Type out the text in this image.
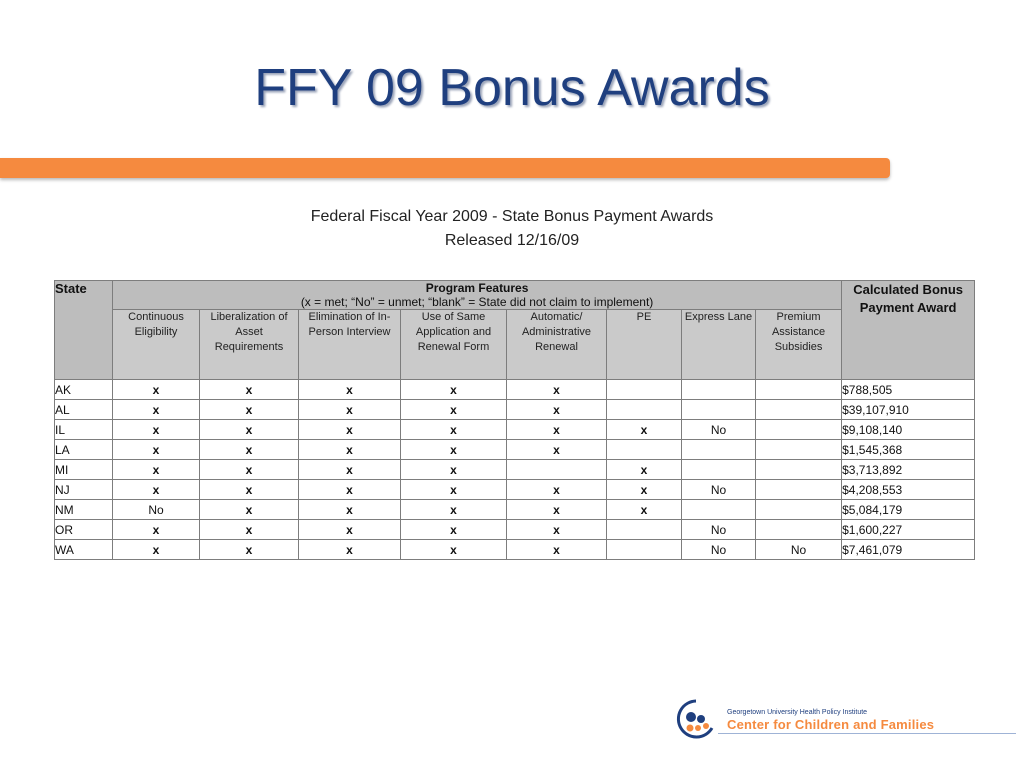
FFY 09 Bonus Awards
Federal Fiscal Year 2009 - State Bonus Payment Awards
Released 12/16/09
State	Program Features
(x = met; “No” = unmet; “blank” = State did not claim to implement)								Calculated Bonus Payment Award
	Continuous Eligibility	Liberalization of Asset Requirements	Elimination of In-Person Interview	Use of Same Application and Renewal Form	Automatic/ Administrative Renewal	PE	Express Lane	Premium Assistance Subsidies	
AK	x	x	x	x	x				$788,505
AL	x	x	x	x	x				$39,107,910
IL	x	x	x	x	x	x	No		$9,108,140
LA	x	x	x	x	x				$1,545,368
MI	x	x	x	x		x			$3,713,892
NJ	x	x	x	x	x	x	No		$4,208,553
NM	No	x	x	x	x	x			$5,084,179
OR	x	x	x	x	x		No		$1,600,227
WA	x	x	x	x	x		No	No	$7,461,079
Georgetown University Health Policy Institute
Center for Children and Families
